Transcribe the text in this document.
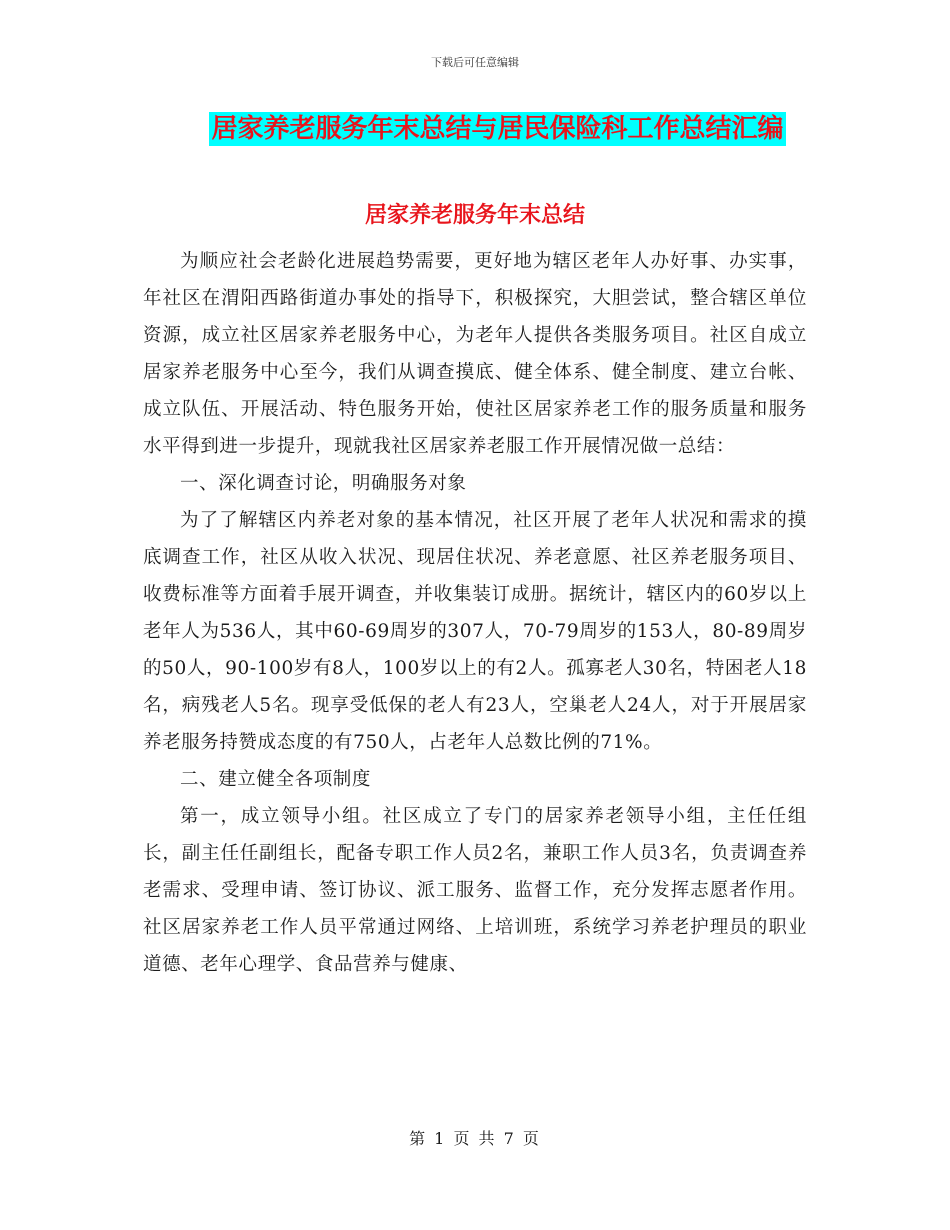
下载后可任意编辑
居家养老服务年末总结与居民保险科工作总结汇编
居家养老服务年末总结

为顺应社会老龄化进展趋势需要，更好地为辖区老年人办好事、办实事，年社区在渭阳西路街道办事处的指导下，积极探究，大胆尝试，整合辖区单位资源，成立社区居家养老服务中心，为老年人提供各类服务项目。社区自成立居家养老服务中心至今，我们从调查摸底、健全体系、健全制度、建立台帐、成立队伍、开展活动、特色服务开始，使社区居家养老工作的服务质量和服务水平得到进一步提升，现就我社区居家养老服工作开展情况做一总结：

一、深化调查讨论，明确服务对象

为了了解辖区内养老对象的基本情况，社区开展了老年人状况和需求的摸底调查工作，社区从收入状况、现居住状况、养老意愿、社区养老服务项目、收费标准等方面着手展开调查，并收集装订成册。据统计，辖区内的60岁以上老年人为536人，其中60-69周岁的307人，70-79周岁的153人，80-89周岁的50人，90-100岁有8人，100岁以上的有2人。孤寡老人30名，特困老人18名，病残老人5名。现享受低保的老人有23人，空巢老人24人，对于开展居家养老服务持赞成态度的有750人，占老年人总数比例的71%。

二、建立健全各项制度

第一，成立领导小组。社区成立了专门的居家养老领导小组，主任任组长，副主任任副组长，配备专职工作人员2名，兼职工作人员3名，负责调查养老需求、受理申请、签订协议、派工服务、监督工作，充分发挥志愿者作用。社区居家养老工作人员平常通过网络、上培训班，系统学习养老护理员的职业道德、老年心理学、食品营养与健康、

第 1 页 共 7 页
